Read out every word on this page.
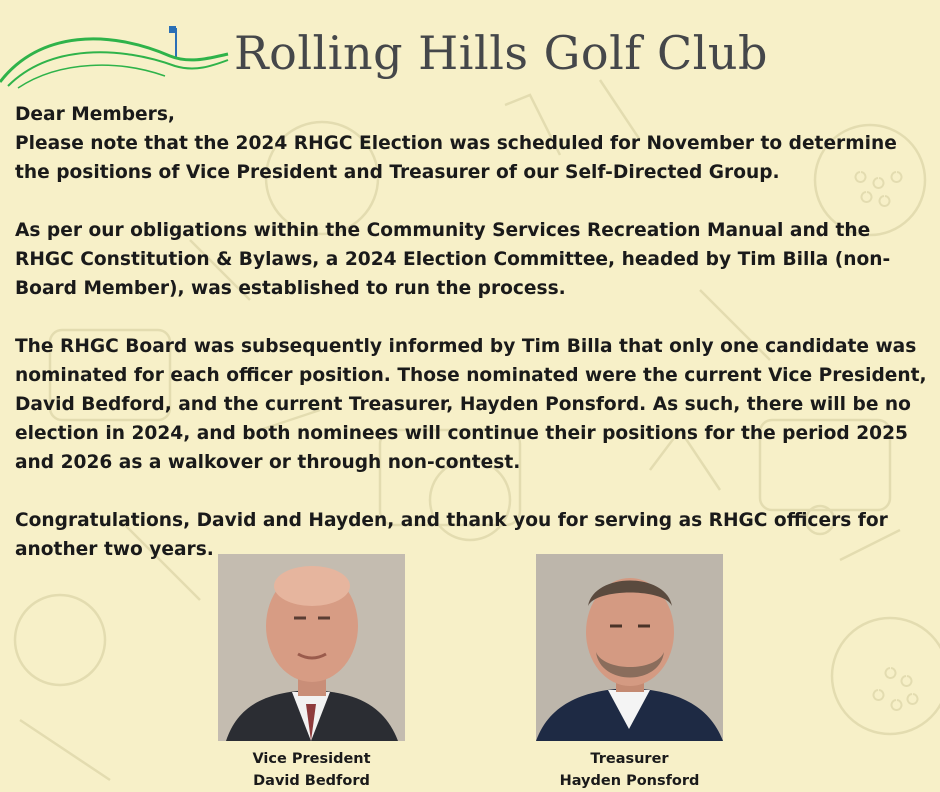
Rolling Hills Golf Club

Dear Members,
Please note that the 2024 RHGC Election was scheduled for November to determine
the positions of Vice President and Treasurer of our Self-Directed Group.

As per our obligations within the Community Services Recreation Manual and the
RHGC Constitution & Bylaws, a 2024 Election Committee, headed by Tim Billa (non-
Board Member), was established to run the process.

The RHGC Board was subsequently informed by Tim Billa that only one candidate was
nominated for each officer position. Those nominated were the current Vice President,
David Bedford, and the current Treasurer, Hayden Ponsford. As such, there will be no
election in 2024, and both nominees will continue their positions for the period 2025
and 2026 as a walkover or through non-contest.

Congratulations, David and Hayden, and thank you for serving as RHGC officers for
another two years.

Vice President
David Bedford
Treasurer
Hayden Ponsford
